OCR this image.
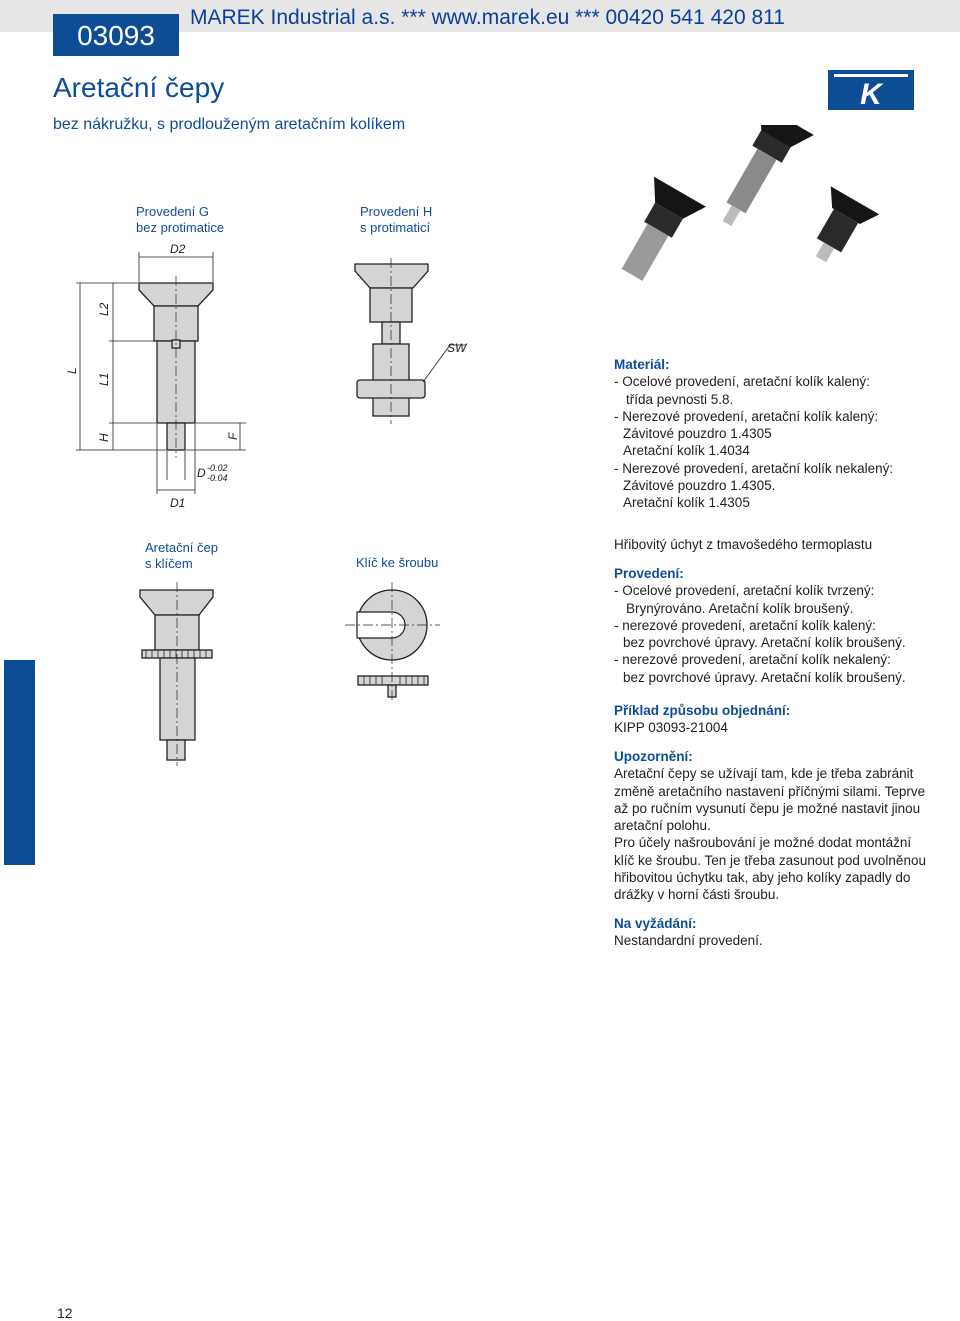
03093
MAREK Industrial a.s. *** www.marek.eu *** 00420 541 420 811
Aretační čepy
bez nákružku, s prodlouženým aretačním kolíkem
K
Provedení G
bez protimatice
Provedení H
s protimaticí
Aretační čep
s klíčem	Klíč ke šroubu
D2
L
L2
L1
H	F
D -0.02
-0.04
D1
SW
Materiál:
- Ocelové provedení, aretační kolík kalený:
třída pevnosti 5.8.
- Nerezové provedení, aretační kolík kalený:
Závitové pouzdro 1.4305
Aretační kolík 1.4034
- Nerezové provedení, aretační kolík nekalený:
Závitové pouzdro 1.4305.
Aretační kolík 1.4305
Hřibovitý úchyt z tmavošedého termoplastu
Provedení:
- Ocelové provedení, aretační kolík tvrzený:
Brynýrováno. Aretační kolík broušený.
- nerezové provedení, aretační kolík kalený:
bez povrchové úpravy. Aretační kolík broušený.
- nerezové provedení, aretační kolík nekalený:
bez povrchové úpravy. Aretační kolík broušený.
Příklad způsobu objednání:
KIPP 03093-21004
Upozornění:
Aretační čepy se užívají tam, kde je třeba zabránit
změně aretačního nastavení příčnými silami. Teprve
až po ručním vysunutí čepu je možné nastavit jinou
aretační polohu.
Pro účely našroubování je možné dodat montážní
klíč ke šroubu. Ten je třeba zasunout pod uvolněnou
hřibovitou úchytku tak, aby jeho kolíky zapadly do
drážky v horní části šroubu.
Na vyžádání:
Nestandardní provedení.
12
